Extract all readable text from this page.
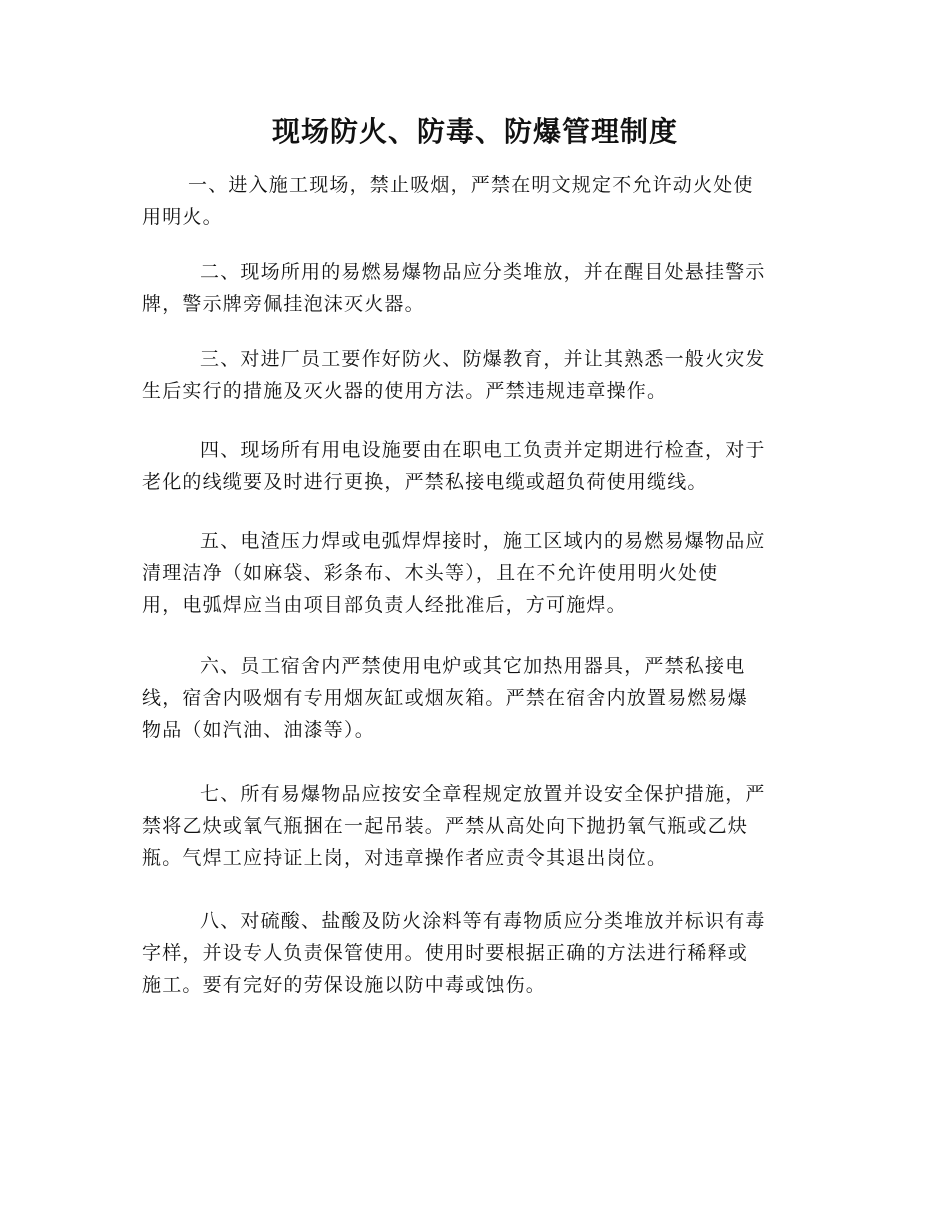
现场防火、防毒、防爆管理制度
一、进入施工现场，禁止吸烟，严禁在明文规定不允许动火处使
用明火。
二、现场所用的易燃易爆物品应分类堆放，并在醒目处悬挂警示
牌，警示牌旁佩挂泡沫灭火器。
三、对进厂员工要作好防火、防爆教育，并让其熟悉一般火灾发
生后实行的措施及灭火器的使用方法。严禁违规违章操作。
四、现场所有用电设施要由在职电工负责并定期进行检查，对于
老化的线缆要及时进行更换，严禁私接电缆或超负荷使用缆线。
五、电渣压力焊或电弧焊焊接时，施工区域内的易燃易爆物品应
清理洁净（如麻袋、彩条布、木头等），且在不允许使用明火处使
用，电弧焊应当由项目部负责人经批准后，方可施焊。
六、员工宿舍内严禁使用电炉或其它加热用器具，严禁私接电
线，宿舍内吸烟有专用烟灰缸或烟灰箱。严禁在宿舍内放置易燃易爆
物品（如汽油、油漆等）。
七、所有易爆物品应按安全章程规定放置并设安全保护措施，严
禁将乙炔或氧气瓶捆在一起吊装。严禁从高处向下抛扔氧气瓶或乙炔
瓶。气焊工应持证上岗，对违章操作者应责令其退出岗位。
八、对硫酸、盐酸及防火涂料等有毒物质应分类堆放并标识有毒
字样，并设专人负责保管使用。使用时要根据正确的方法进行稀释或
施工。要有完好的劳保设施以防中毒或蚀伤。
